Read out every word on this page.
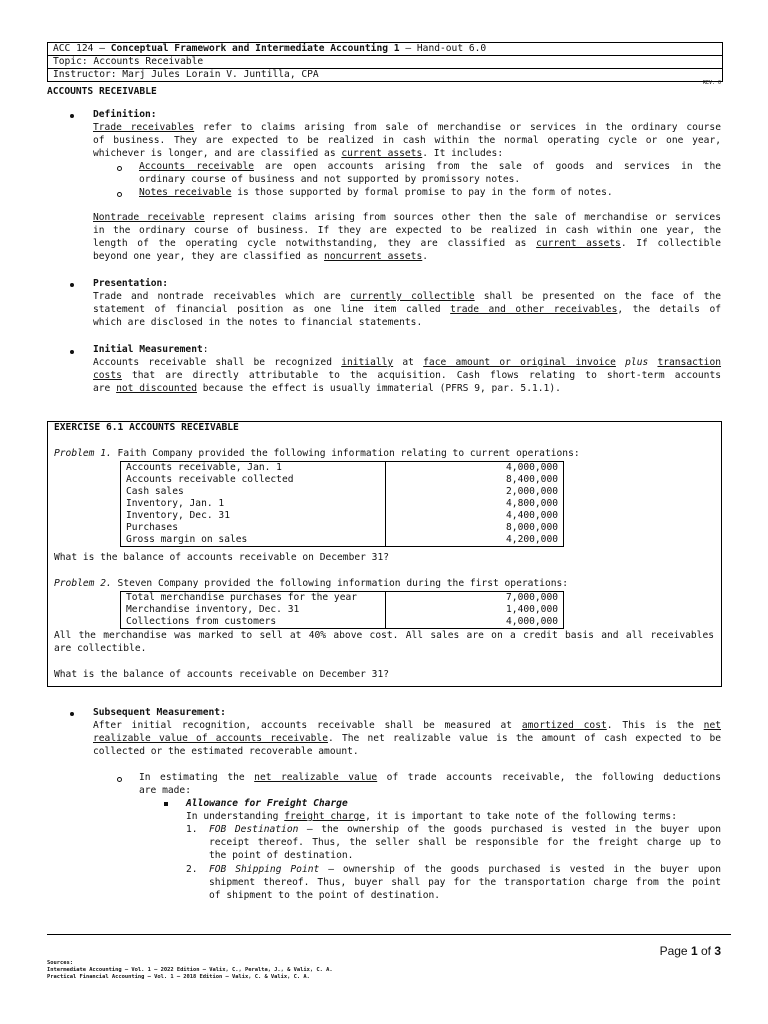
ACC 124 – Conceptual Framework and Intermediate Accounting 1 – Hand-out 6.0
Topic: Accounts Receivable
Instructor: Marj Jules Lorain V. Juntilla, CPA
REV: 0
ACCOUNTS RECEIVABLE
Definition:
Trade receivables refer to claims arising from sale of merchandise or services in the ordinary course
of business. They are expected to be realized in cash within the normal operating cycle or one year,
whichever is longer, and are classified as current assets. It includes:
Accounts receivable are open accounts arising from the sale of goods and services in the
ordinary course of business and not supported by promissory notes.
Notes receivable is those supported by formal promise to pay in the form of notes.
Nontrade receivable represent claims arising from sources other then the sale of merchandise or services
in the ordinary course of business. If they are expected to be realized in cash within one year, the
length of the operating cycle notwithstanding, they are classified as current assets. If collectible
beyond one year, they are classified as noncurrent assets.
Presentation:
Trade and nontrade receivables which are currently collectible shall be presented on the face of the
statement of financial position as one line item called trade and other receivables, the details of
which are disclosed in the notes to financial statements.
Initial Measurement:
Accounts receivable shall be recognized initially at face amount or original invoice plus transaction
costs that are directly attributable to the acquisition. Cash flows relating to short-term accounts
are not discounted because the effect is usually immaterial (PFRS 9, par. 5.1.1).
EXERCISE 6.1 ACCOUNTS RECEIVABLE
Problem 1. Faith Company provided the following information relating to current operations:
Accounts receivable, Jan. 1	4,000,000
Accounts receivable collected	8,400,000
Cash sales	2,000,000
Inventory, Jan. 1	4,800,000
Inventory, Dec. 31	4,400,000
Purchases	8,000,000
Gross margin on sales	4,200,000
What is the balance of accounts receivable on December 31?
Problem 2. Steven Company provided the following information during the first operations:
Total merchandise purchases for the year	7,000,000
Merchandise inventory, Dec. 31	1,400,000
Collections from customers	4,000,000
All the merchandise was marked to sell at 40% above cost. All sales are on a credit basis and all receivables
are collectible.
What is the balance of accounts receivable on December 31?
Subsequent Measurement:
After initial recognition, accounts receivable shall be measured at amortized cost. This is the net
realizable value of accounts receivable. The net realizable value is the amount of cash expected to be
collected or the estimated recoverable amount.
In estimating the net realizable value of trade accounts receivable, the following deductions
are made:
Allowance for Freight Charge
In understanding freight charge, it is important to take note of the following terms:
1. FOB Destination – the ownership of the goods purchased is vested in the buyer upon
receipt thereof. Thus, the seller shall be responsible for the freight charge up to
the point of destination.
2. FOB Shipping Point – ownership of the goods purchased is vested in the buyer upon
shipment thereof. Thus, buyer shall pay for the transportation charge from the point
of shipment to the point of destination.
Page 1 of 3
Sources:
Intermediate Accounting – Vol. 1 – 2022 Edition – Valix, C., Peralta, J., & Valix, C. A.
Practical Financial Accounting – Vol. 1 – 2018 Edition – Valix, C. & Valix, C. A.
